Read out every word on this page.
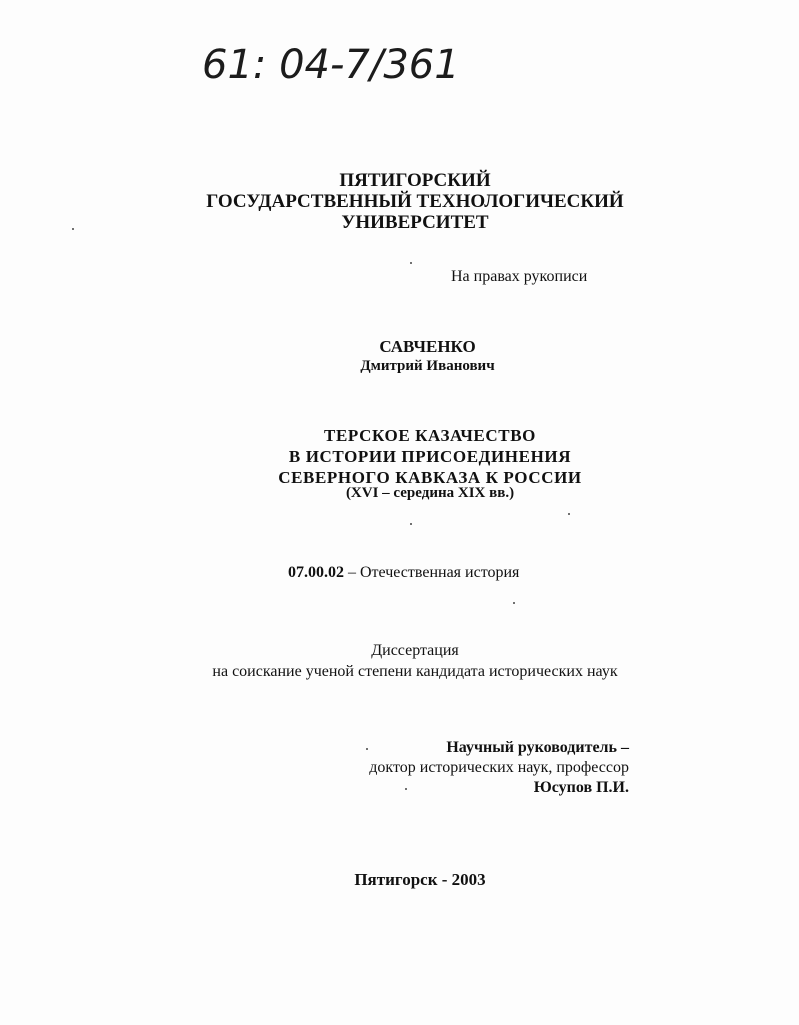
61: 04-7/361
ПЯТИГОРСКИЙ
ГОСУДАРСТВЕННЫЙ ТЕХНОЛОГИЧЕСКИЙ
УНИВЕРСИТЕТ
На правах рукописи
САВЧЕНКО
Дмитрий Иванович
ТЕРСКОЕ КАЗАЧЕСТВО
В ИСТОРИИ ПРИСОЕДИНЕНИЯ
СЕВЕРНОГО КАВКАЗА К РОССИИ
(XVI – середина XIX вв.)
07.00.02 – Отечественная история
Диссертация
на соискание ученой степени кандидата исторических наук
Научный руководитель –
доктор исторических наук, профессор
Юсупов П.И.
Пятигорск - 2003
